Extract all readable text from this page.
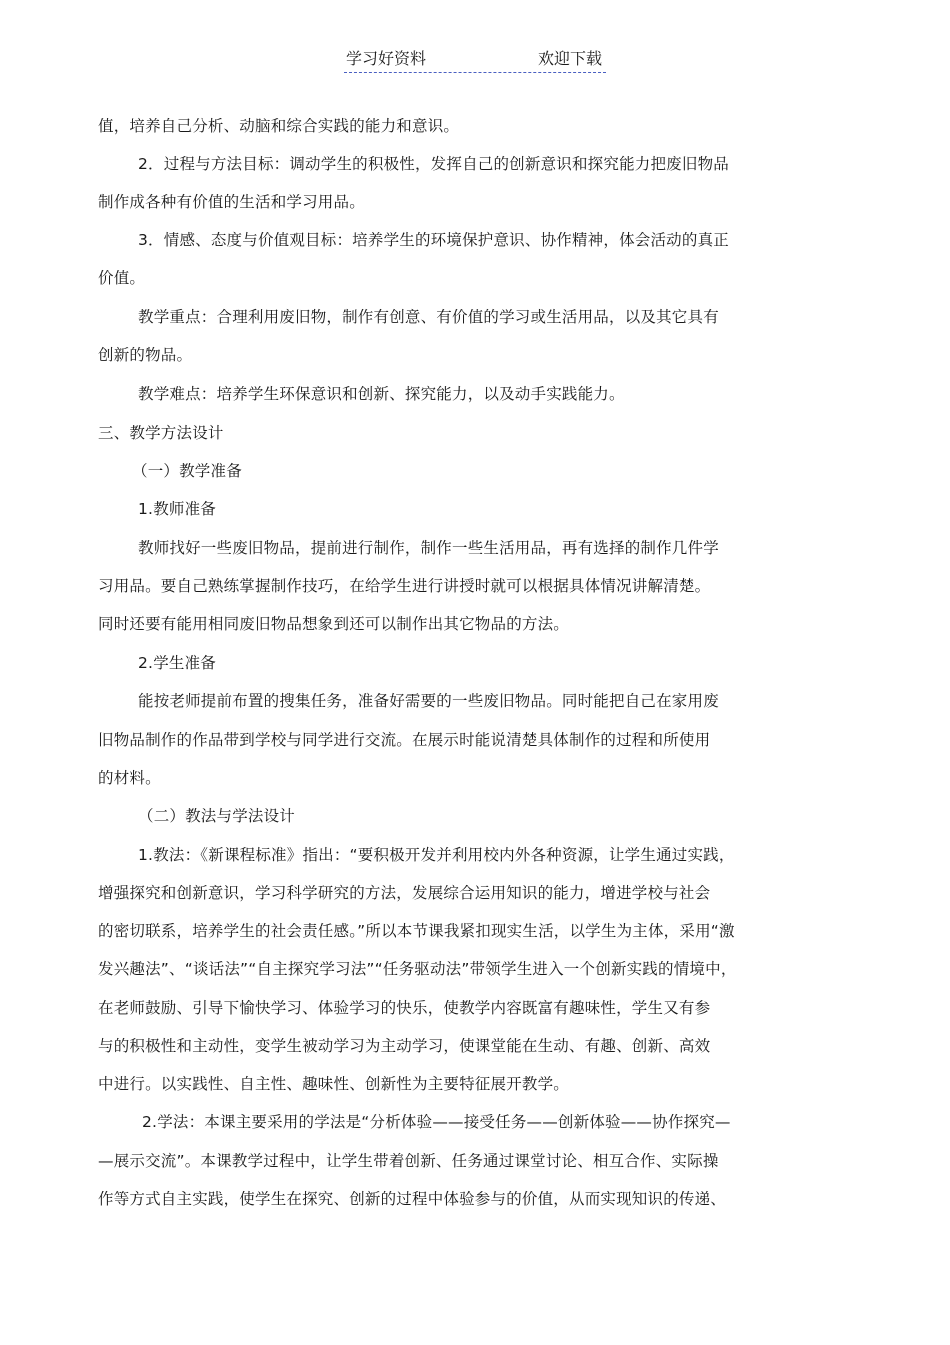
学习好资料	欢迎下载
值，培养自己分析、动脑和综合实践的能力和意识。
2．过程与方法目标：调动学生的积极性，发挥自己的创新意识和探究能力把废旧物品
制作成各种有价值的生活和学习用品。
3．情感、态度与价值观目标：培养学生的环境保护意识、协作精神，体会活动的真正
价值。
教学重点：合理利用废旧物，制作有创意、有价值的学习或生活用品，以及其它具有
创新的物品。
教学难点：培养学生环保意识和创新、探究能力，以及动手实践能力。
三、教学方法设计
（一）教学准备
1.教师准备
教师找好一些废旧物品，提前进行制作，制作一些生活用品，再有选择的制作几件学
习用品。要自己熟练掌握制作技巧，在给学生进行讲授时就可以根据具体情况讲解清楚。
同时还要有能用相同废旧物品想象到还可以制作出其它物品的方法。
2.学生准备
能按老师提前布置的搜集任务，准备好需要的一些废旧物品。同时能把自己在家用废
旧物品制作的作品带到学校与同学进行交流。在展示时能说清楚具体制作的过程和所使用
的材料。
（二）教法与学法设计
1.教法：《新课程标准》指出：“要积极开发并利用校内外各种资源，让学生通过实践，
增强探究和创新意识，学习科学研究的方法，发展综合运用知识的能力，增进学校与社会
的密切联系，培养学生的社会责任感。”所以本节课我紧扣现实生活，以学生为主体，采用“激
发兴趣法”、“谈话法”“自主探究学习法”“任务驱动法”带领学生进入一个创新实践的情境中，
在老师鼓励、引导下愉快学习、体验学习的快乐，使教学内容既富有趣味性，学生又有参
与的积极性和主动性，变学生被动学习为主动学习，使课堂能在生动、有趣、创新、高效
中进行。以实践性、自主性、趣味性、创新性为主要特征展开教学。
2.学法：本课主要采用的学法是“分析体验——接受任务——创新体验——协作探究—
—展示交流”。本课教学过程中，让学生带着创新、任务通过课堂讨论、相互合作、实际操
作等方式自主实践，使学生在探究、创新的过程中体验参与的价值，从而实现知识的传递、
